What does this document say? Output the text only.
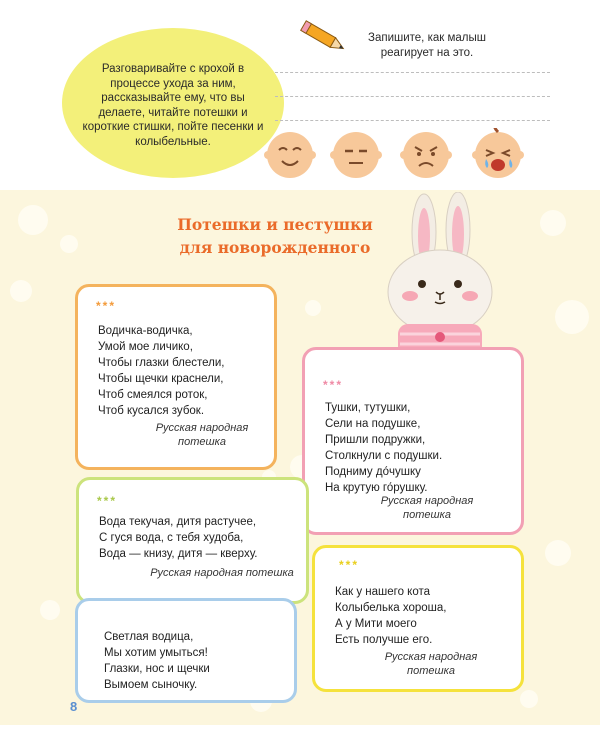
Разговаривайте с крохой в процессе ухода за ним, рассказывайте ему, что вы делаете, читайте потешки и короткие стишки, пойте песенки и колыбельные.
Запишите, как малыш реагирует на это.
Потешки и пестушки
для новорожденного
***
Водичка-водичка,
Умой мое личико,
Чтобы глазки блестели,
Чтобы щечки краснели,
Чтоб смеялся роток,
Чтоб кусался зубок.
Русская народная
потешка
***
Тушки, тутушки,
Сели на подушке,
Пришли подружки,
Столкнули с подушки.
Подниму до́чушку
На крутую го́рушку.
Русская народная
потешка
***
Вода текучая, дитя растучее,
С гуся вода, с тебя худоба,
Вода — книзу, дитя — кверху.
Русская народная потешка
***
Как у нашего кота
Колыбелька хороша,
А у Мити моего
Есть получше его.
Русская народная
потешка
Светлая водица,
Мы хотим умыться!
Глазки, нос и щечки
Вымоем сыночку.
8
